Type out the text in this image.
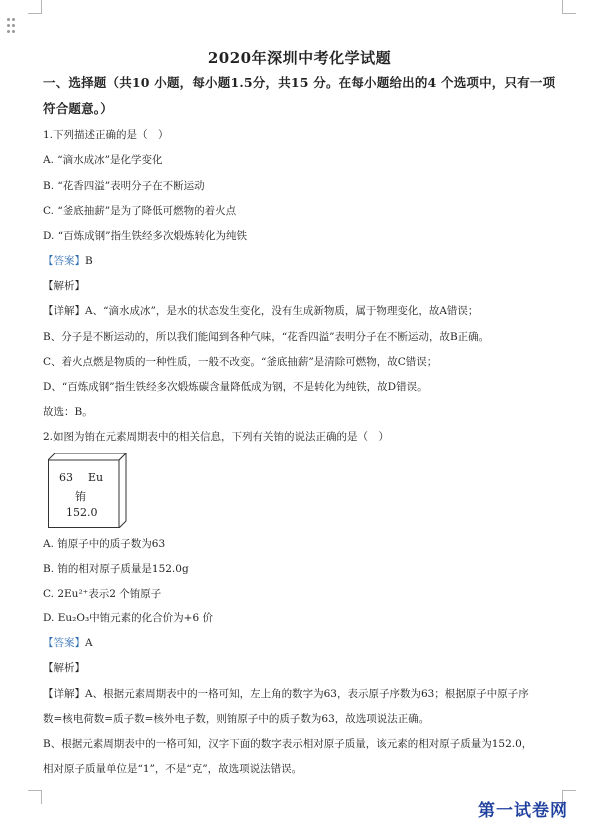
2020年深圳中考化学试题
一、选择题（共10 小题，每小题1.5分，共15 分。在每小题给出的4 个选项中，只有一项
符合题意。）
1.下列描述正确的是（　）
A. “滴水成冰”是化学变化
B. “花香四溢”表明分子在不断运动
C. “釜底抽薪”是为了降低可燃物的着火点
D. “百炼成钢”指生铁经多次煅炼转化为纯铁
【答案】B
【解析】
【详解】A、“滴水成冰”，是水的状态发生变化，没有生成新物质，属于物理变化，故A错误；
B、分子是不断运动的，所以我们能闻到各种气味，“花香四溢”表明分子在不断运动，故B正确。
C、着火点燃是物质的一种性质，一般不改变。“釜底抽薪”是清除可燃物，故C错误；
D、“百炼成钢”指生铁经多次煅炼碳含量降低成为钢，不是转化为纯铁，故D错误。
故选：B。
2.如图为铕在元素周期表中的相关信息，下列有关铕的说法正确的是（　）
63 Eu
铕
152.0
A. 铕原子中的质子数为63
B. 铕的相对原子质量是152.0g
C. 2Eu²⁺表示2 个铕原子
D. Eu₂O₃中铕元素的化合价为+6 价
【答案】A
【解析】
【详解】A、根据元素周期表中的一格可知，左上角的数字为63，表示原子序数为63；根据原子中原子序
数=核电荷数=质子数=核外电子数，则铕原子中的质子数为63，故选项说法正确。
B、根据元素周期表中的一格可知，汉字下面的数字表示相对原子质量，该元素的相对原子质量为152.0，
相对原子质量单位是“1”，不是“克”，故选项说法错误。
第一试卷网
